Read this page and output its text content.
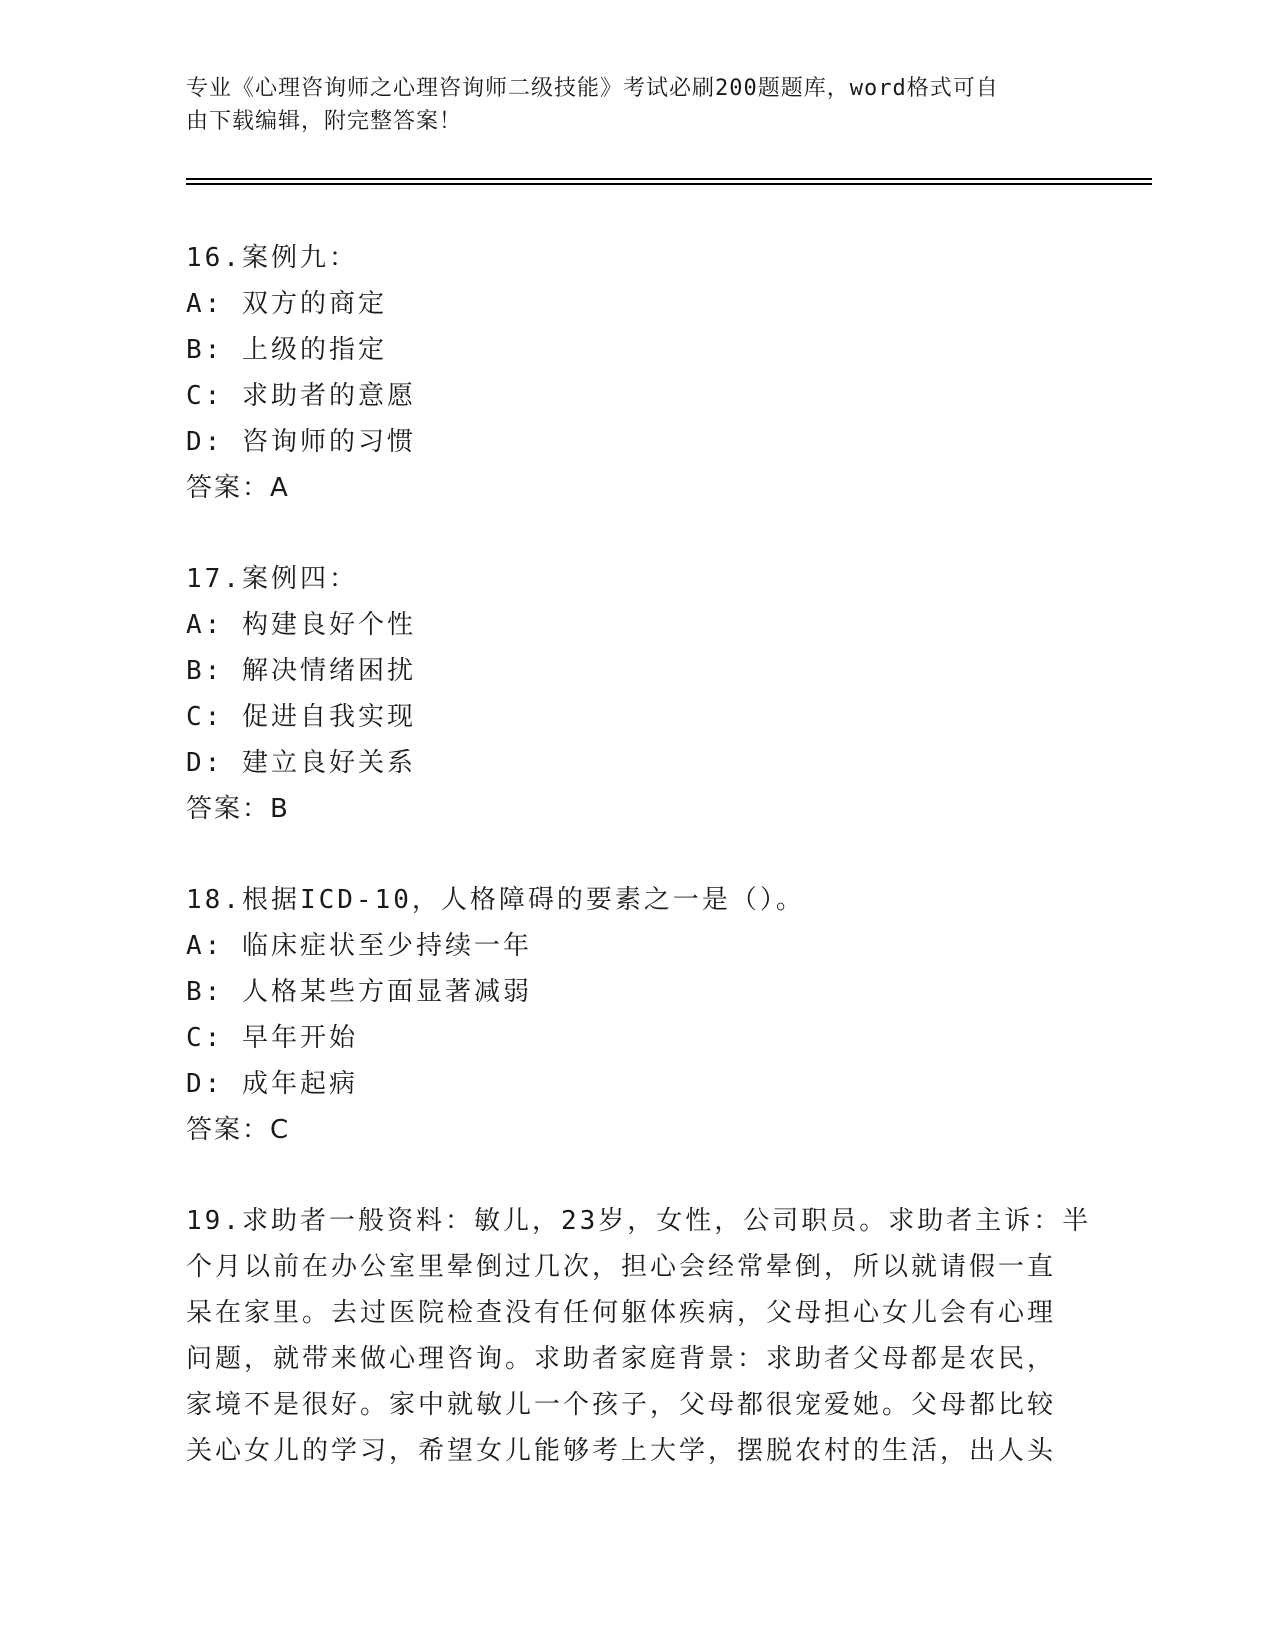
专业《心理咨询师之心理咨询师二级技能》考试必刷200题题库，word格式可自
由下载编辑，附完整答案！
16.案例九：
A: 双方的商定
B: 上级的指定
C: 求助者的意愿
D: 咨询师的习惯
答案：A
17.案例四：
A: 构建良好个性
B: 解决情绪困扰
C: 促进自我实现
D: 建立良好关系
答案：B
18.根据ICD-10，人格障碍的要素之一是（）。
A: 临床症状至少持续一年
B: 人格某些方面显著减弱
C: 早年开始
D: 成年起病
答案：C
19.求助者一般资料：敏儿，23岁，女性，公司职员。求助者主诉：半
个月以前在办公室里晕倒过几次，担心会经常晕倒，所以就请假一直
呆在家里。去过医院检查没有任何躯体疾病，父母担心女儿会有心理
问题，就带来做心理咨询。求助者家庭背景：求助者父母都是农民，
家境不是很好。家中就敏儿一个孩子，父母都很宠爱她。父母都比较
关心女儿的学习，希望女儿能够考上大学，摆脱农村的生活，出人头
